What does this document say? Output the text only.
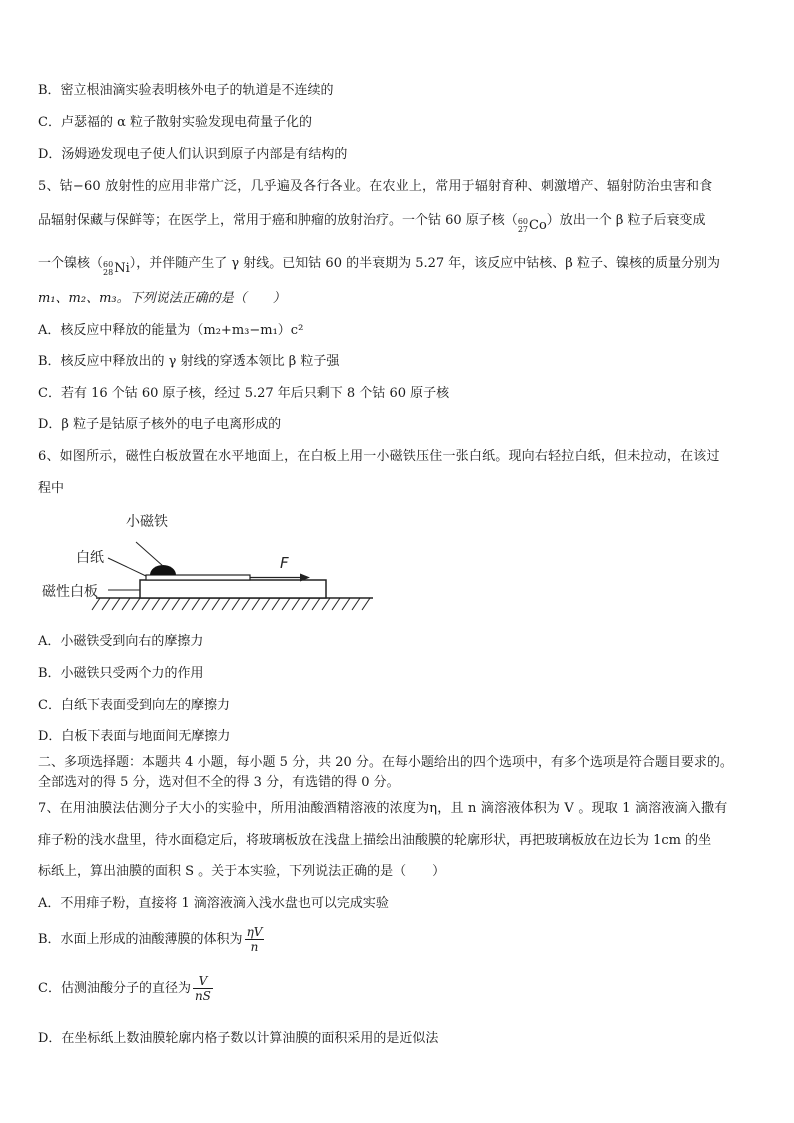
B．密立根油滴实验表明核外电子的轨道是不连续的
C．卢瑟福的 α 粒子散射实验发现电荷量子化的
D．汤姆逊发现电子使人们认识到原子内部是有结构的
5、钴−60 放射性的应用非常广泛，几乎遍及各行各业。在农业上，常用于辐射育种、刺激增产、辐射防治虫害和食
品辐射保藏与保鲜等；在医学上，常用于癌和肿瘤的放射治疗。一个钴 60 原子核（ 60
27 Co ）放出一个 β 粒子后衰变成
一个镍核（ 60
28 Ni ），并伴随产生了 γ 射线。已知钴 60 的半衰期为 5.27 年，该反应中钴核、β 粒子、镍核的质量分别为
m₁、m₂、m₃。下列说法正确的是（　　）
A．核反应中释放的能量为（m₂+m₃−m₁）c²
B．核反应中释放出的 γ 射线的穿透本领比 β 粒子强
C．若有 16 个钴 60 原子核，经过 5.27 年后只剩下 8 个钴 60 原子核
D．β 粒子是钴原子核外的电子电离形成的
6、如图所示，磁性白板放置在水平地面上，在白板上用一小磁铁压住一张白纸。现向右轻拉白纸，但未拉动，在该过
程中
小磁铁
白纸
磁性白板
F
A．小磁铁受到向右的摩擦力
B．小磁铁只受两个力的作用
C．白纸下表面受到向左的摩擦力
D．白板下表面与地面间无摩擦力
二、多项选择题：本题共 4 小题，每小题 5 分，共 20 分。在每小题给出的四个选项中，有多个选项是符合题目要求的。
全部选对的得 5 分，选对但不全的得 3 分，有选错的得 0 分。
7、在用油膜法估测分子大小的实验中，所用油酸酒精溶液的浓度为η，且 n 滴溶液体积为 V 。现取 1 滴溶液滴入撒有
痱子粉的浅水盘里，待水面稳定后，将玻璃板放在浅盘上描绘出油酸膜的轮廓形状，再把玻璃板放在边长为 1cm 的坐
标纸上，算出油膜的面积 S 。关于本实验，下列说法正确的是（　　）
A．不用痱子粉，直接将 1 滴溶液滴入浅水盘也可以完成实验
B．水面上形成的油酸薄膜的体积为 $\frac{\eta V}{n}$
C．估测油酸分子的直径为 $\frac{V}{nS}$
D．在坐标纸上数油膜轮廓内格子数以计算油膜的面积采用的是近似法
